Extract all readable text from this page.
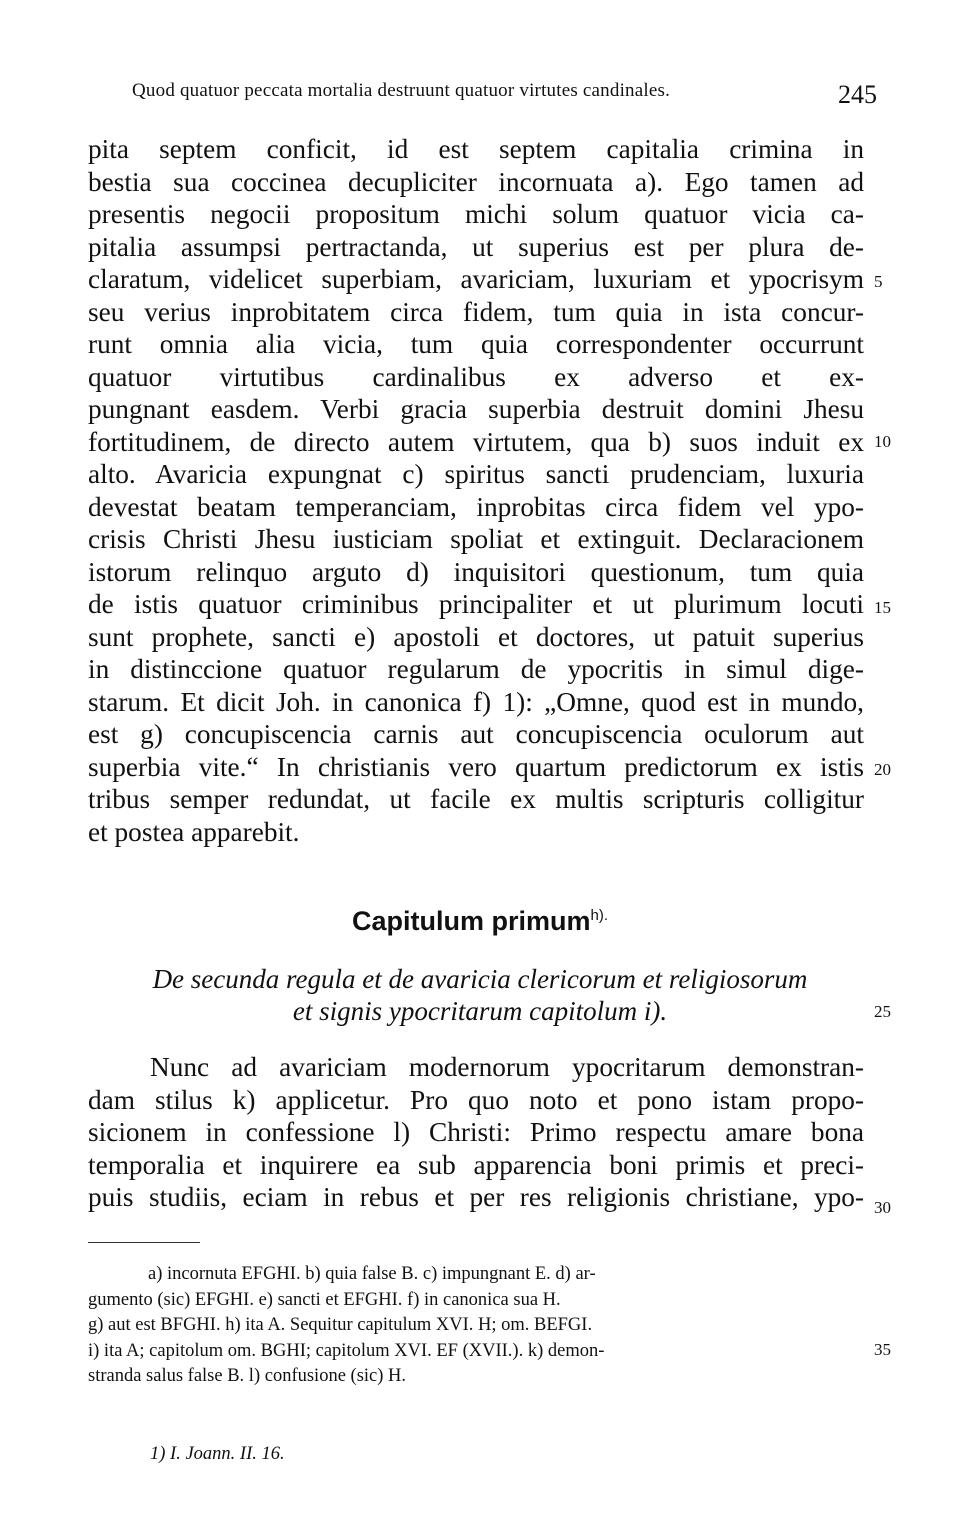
Quod quatuor peccata mortalia destruunt quatuor virtutes candinales.	245
pita septem conficit, id est septem capitalia crimina in
bestia sua coccinea decupliciter incornuata a). Ego tamen ad
presentis negocii propositum michi solum quatuor vicia ca-
pitalia assumpsi pertractanda, ut superius est per plura de-
claratum, videlicet superbiam, avariciam, luxuriam et ypocrisym
seu verius inprobitatem circa fidem, tum quia in ista concur-
runt omnia alia vicia, tum quia correspondenter occurrunt
quatuor virtutibus cardinalibus ex adverso et ex-
pungnant easdem. Verbi gracia superbia destruit domini Jhesu
fortitudinem, de directo autem virtutem, qua b) suos induit ex
alto. Avaricia expungnat c) spiritus sancti prudenciam, luxuria
devestat beatam temperanciam, inprobitas circa fidem vel ypo-
crisis Christi Jhesu iusticiam spoliat et extinguit. Declaracionem
istorum relinquo arguto d) inquisitori questionum, tum quia
de istis quatuor criminibus principaliter et ut plurimum locuti
sunt prophete, sancti e) apostoli et doctores, ut patuit superius
in distinccione quatuor regularum de ypocritis in simul dige-
starum. Et dicit Joh. in canonica f) 1): „Omne, quod est in mundo,
est g) concupiscencia carnis aut concupiscencia oculorum aut
superbia vite.“ In christianis vero quartum predictorum ex istis
tribus semper redundat, ut facile ex multis scripturis colligitur
et postea apparebit.
5
10
15
20
25
30
35
Capitulum primum$^{h).}$
De secunda regula et de avaricia clericorum et religiosorum
et signis ypocritarum capitolum i).
Nunc ad avariciam modernorum ypocritarum demonstran-
dam stilus k) applicetur. Pro quo noto et pono istam propo-
sicionem in confessione l) Christi: Primo respectu amare bona
temporalia et inquirere ea sub apparencia boni primis et preci-
puis studiis, eciam in rebus et per res religionis christiane, ypo-
a) incornuta EFGHI. b) quia false B. c) impungnant E. d) ar-
gumento (sic) EFGHI. e) sancti et EFGHI. f) in canonica sua H.
g) aut est BFGHI. h) ita A. Sequitur capitulum XVI. H; om. BEFGI.
i) ita A; capitolum om. BGHI; capitolum XVI. EF (XVII.). k) demon-
stranda salus false B. l) confusione (sic) H.
1) I. Joann. II. 16.
